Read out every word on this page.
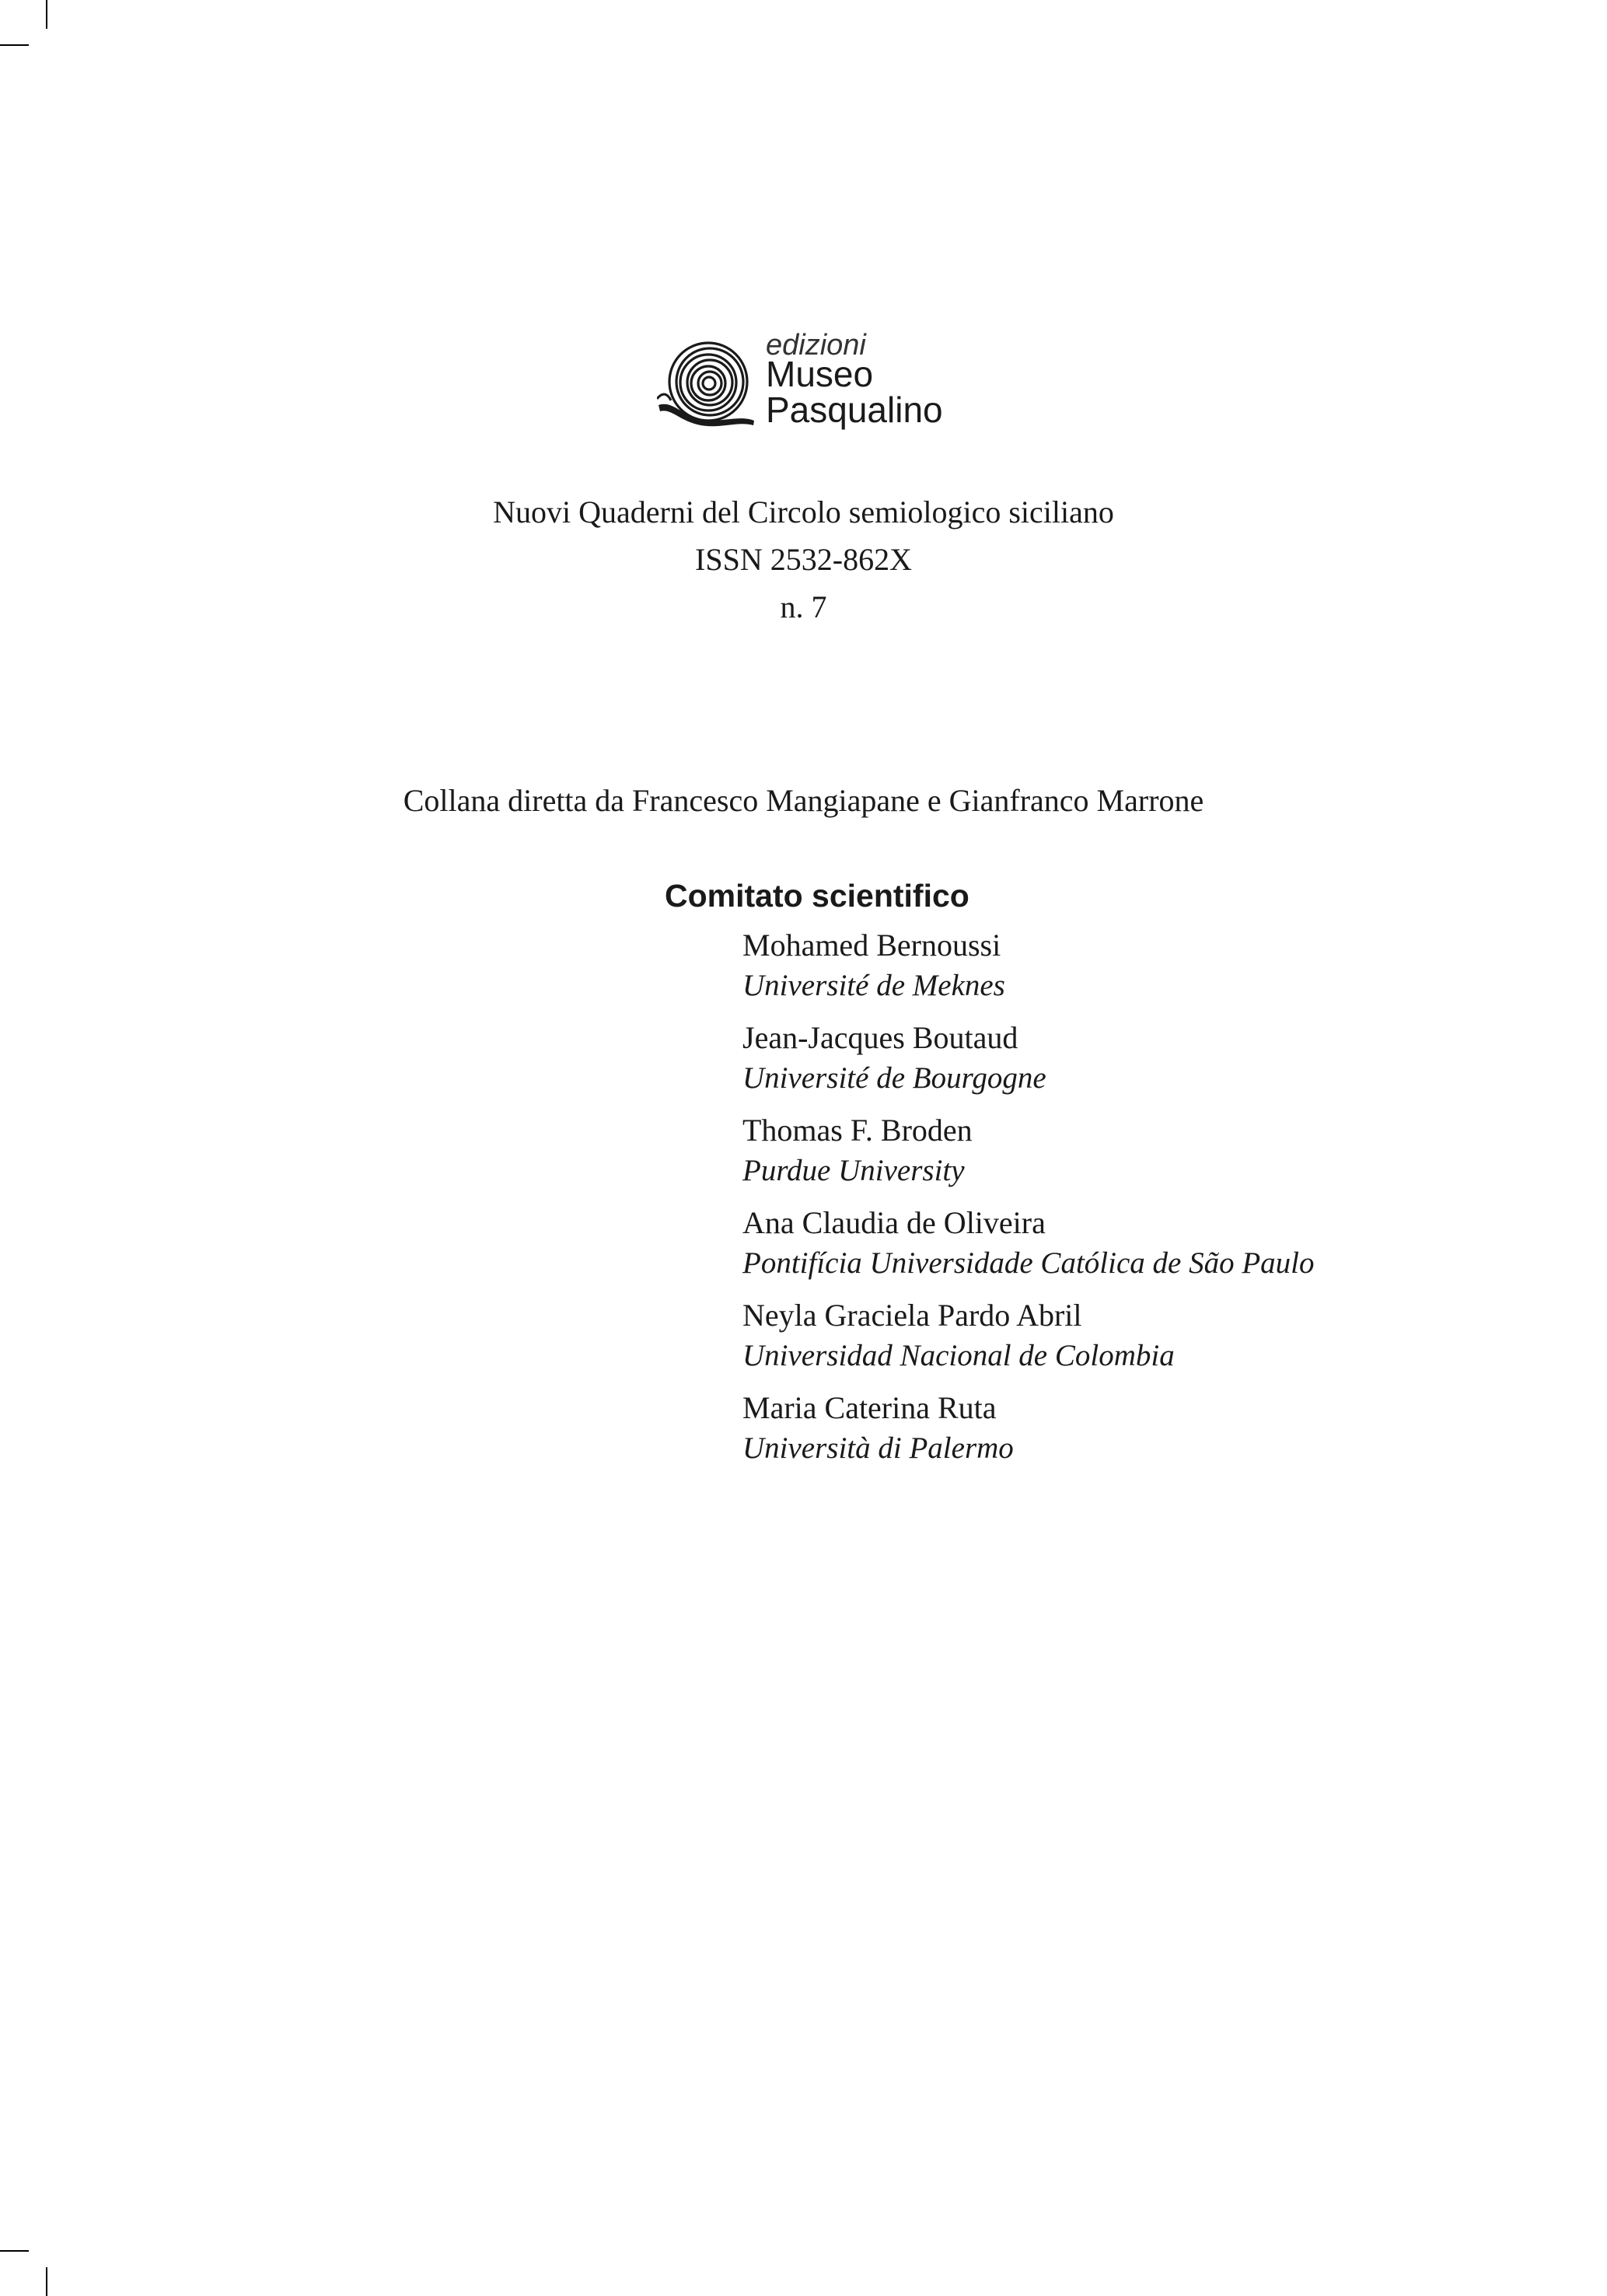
edizioni
Museo
Pasqualino
Nuovi Quaderni del Circolo semiologico siciliano
ISSN 2532-862X
n. 7
Collana diretta da Francesco Mangiapane e Gianfranco Marrone
Comitato scientifico
Mohamed Bernoussi
Université de Meknes
Jean-Jacques Boutaud
Université de Bourgogne
Thomas F. Broden
Purdue University
Ana Claudia de Oliveira
Pontifícia Universidade Católica de São Paulo
Neyla Graciela Pardo Abril
Universidad Nacional de Colombia
Maria Caterina Ruta
Università di Palermo
